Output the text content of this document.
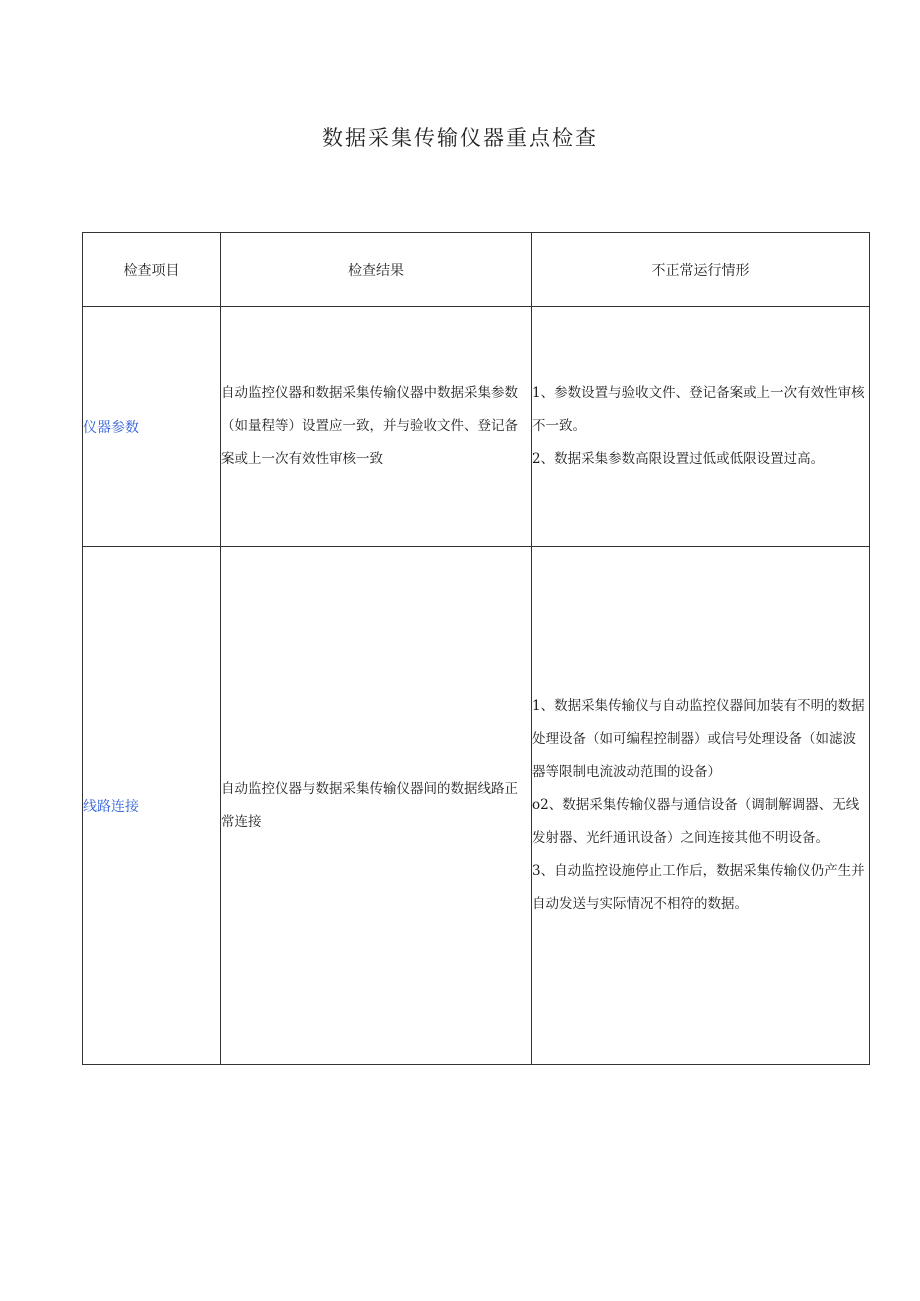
数据采集传输仪器重点检查
检查项目	检查结果	不正常运行情形
仪器参数	自动监控仪器和数据采集传输仪器中数据采集参数（如量程等）设置应一致，并与验收文件、登记备案或上一次有效性审核一致	1、参数设置与验收文件、登记备案或上一次有效性审核不一致。
2、数据采集参数高限设置过低或低限设置过高。

线路连接	自动监控仪器与数据采集传输仪器间的数据线路正常连接	1、数据采集传输仪与自动监控仪器间加装有不明的数据处理设备（如可编程控制器）或信号处理设备（如滤波器等限制电流波动范围的设备）
o2、数据采集传输仪器与通信设备（调制解调器、无线发射器、光纤通讯设备）之间连接其他不明设备。
3、自动监控设施停止工作后，数据采集传输仪仍产生并自动发送与实际情况不相符的数据。
